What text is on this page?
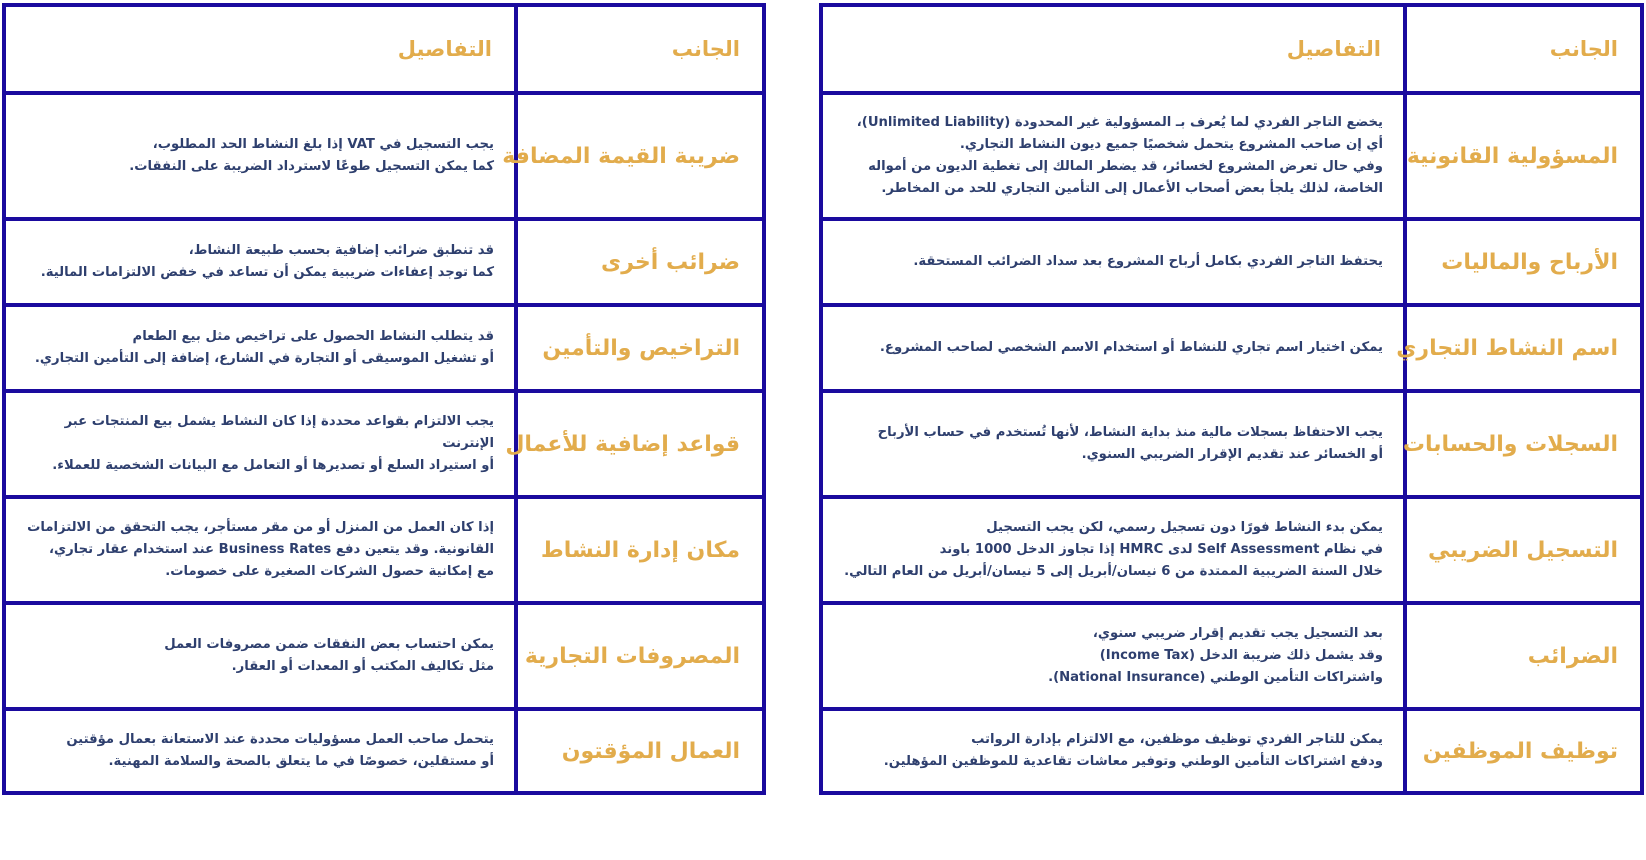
الجانب	التفاصيل
المسؤولية القانونية	يخضع التاجر الفردي لما يُعرف بـ المسؤولية غير المحدودة (Unlimited Liability)،
أي إن صاحب المشروع يتحمل شخصيًا جميع ديون النشاط التجاري.
وفي حال تعرض المشروع لخسائر، قد يضطر المالك إلى تغطية الديون من أمواله
الخاصة، لذلك يلجأ بعض أصحاب الأعمال إلى التأمين التجاري للحد من المخاطر.

الأرباح والماليات	يحتفظ التاجر الفردي بكامل أرباح المشروع بعد سداد الضرائب المستحقة.

اسم النشاط التجاري	يمكن اختيار اسم تجاري للنشاط أو استخدام الاسم الشخصي لصاحب المشروع.

السجلات والحسابات	يجب الاحتفاظ بسجلات مالية منذ بداية النشاط، لأنها تُستخدم في حساب الأرباح
أو الخسائر عند تقديم الإقرار الضريبي السنوي.

التسجيل الضريبي	يمكن بدء النشاط فورًا دون تسجيل رسمي، لكن يجب التسجيل
في نظام Self Assessment لدى HMRC إذا تجاوز الدخل 1000 باوند
خلال السنة الضريبية الممتدة من 6 نيسان/أبريل إلى 5 نيسان/أبريل من العام التالي.

الضرائب	بعد التسجيل يجب تقديم إقرار ضريبي سنوي،
وقد يشمل ذلك ضريبة الدخل (Income Tax)
واشتراكات التأمين الوطني (National Insurance).

توظيف الموظفين	يمكن للتاجر الفردي توظيف موظفين، مع الالتزام بإدارة الرواتب
ودفع اشتراكات التأمين الوطني وتوفير معاشات تقاعدية للموظفين المؤهلين.
الجانب	التفاصيل
ضريبة القيمة المضافة	يجب التسجيل في VAT إذا بلغ النشاط الحد المطلوب،
كما يمكن التسجيل طوعًا لاسترداد الضريبة على النفقات.

ضرائب أخرى	قد تنطبق ضرائب إضافية بحسب طبيعة النشاط،
كما توجد إعفاءات ضريبية يمكن أن تساعد في خفض الالتزامات المالية.

التراخيص والتأمين	قد يتطلب النشاط الحصول على تراخيص مثل بيع الطعام
أو تشغيل الموسيقى أو التجارة في الشارع، إضافة إلى التأمين التجاري.

قواعد إضافية للأعمال	يجب الالتزام بقواعد محددة إذا كان النشاط يشمل بيع المنتجات عبر الإنترنت
أو استيراد السلع أو تصديرها أو التعامل مع البيانات الشخصية للعملاء.

مكان إدارة النشاط	إذا كان العمل من المنزل أو من مقر مستأجر، يجب التحقق من الالتزامات القانونية. وقد يتعين دفع Business Rates عند استخدام عقار تجاري،
مع إمكانية حصول الشركات الصغيرة على خصومات.

المصروفات التجارية	يمكن احتساب بعض النفقات ضمن مصروفات العمل
مثل تكاليف المكتب أو المعدات أو العقار.

العمال المؤقتون	يتحمل صاحب العمل مسؤوليات محددة عند الاستعانة بعمال مؤقتين
أو مستقلين، خصوصًا في ما يتعلق بالصحة والسلامة المهنية.
